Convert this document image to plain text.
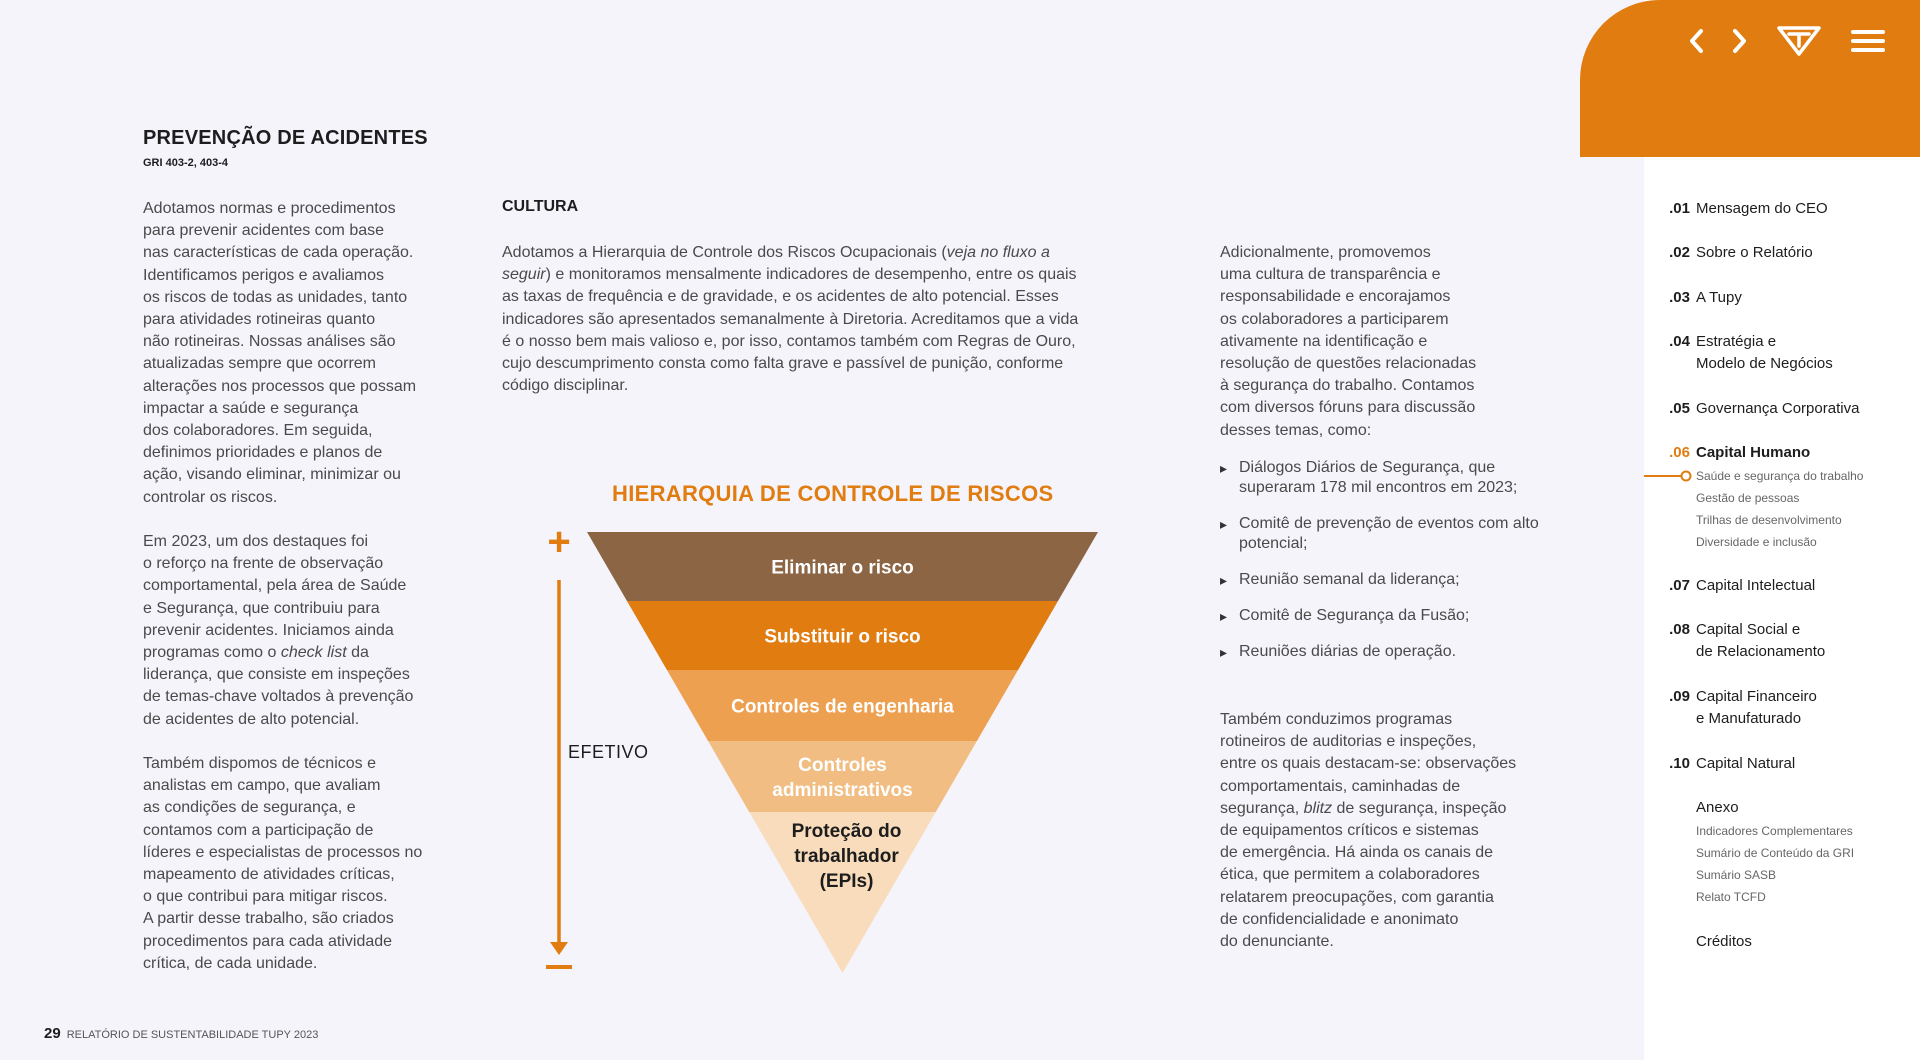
PREVENÇÃO DE ACIDENTES
GRI 403-2, 403-4
Adotamos normas e procedimentos
para prevenir acidentes com base
nas características de cada operação.
Identificamos perigos e avaliamos
os riscos de todas as unidades, tanto
para atividades rotineiras quanto
não rotineiras. Nossas análises são
atualizadas sempre que ocorrem
alterações nos processos que possam
impactar a saúde e segurança
dos colaboradores. Em seguida,
definimos prioridades e planos de
ação, visando eliminar, minimizar ou
controlar os riscos.
Em 2023, um dos destaques foi
o reforço na frente de observação
comportamental, pela área de Saúde
e Segurança, que contribuiu para
prevenir acidentes. Iniciamos ainda
programas como o check list da
liderança, que consiste em inspeções
de temas-chave voltados à prevenção
de acidentes de alto potencial.
Também dispomos de técnicos e
analistas em campo, que avaliam
as condições de segurança, e
contamos com a participação de
líderes e especialistas de processos no
mapeamento de atividades críticas,
o que contribui para mitigar riscos.
A partir desse trabalho, são criados
procedimentos para cada atividade
crítica, de cada unidade.
CULTURA
Adotamos a Hierarquia de Controle dos Riscos Ocupacionais (veja no fluxo a
seguir) e monitoramos mensalmente indicadores de desempenho, entre os quais
as taxas de frequência e de gravidade, e os acidentes de alto potencial. Esses
indicadores são apresentados semanalmente à Diretoria. Acreditamos que a vida
é o nosso bem mais valioso e, por isso, contamos também com Regras de Ouro,
cujo descumprimento consta como falta grave e passível de punição, conforme
código disciplinar.
HIERARQUIA DE CONTROLE DE RISCOS
+
Eliminar o risco
Substituir o risco
Controles de engenharia
Controles
administrativos
Proteção do
trabalhador
(EPIs)
EFETIVO
Adicionalmente, promovemos
uma cultura de transparência e
responsabilidade e encorajamos
os colaboradores a participarem
ativamente na identificação e
resolução de questões relacionadas
à segurança do trabalho. Contamos
com diversos fóruns para discussão
desses temas, como:
▸ Diálogos Diários de Segurança, que superaram 178 mil encontros em 2023;
▸ Comitê de prevenção de eventos com alto potencial;
▸ Reunião semanal da liderança;
▸ Comitê de Segurança da Fusão;
▸ Reuniões diárias de operação.
Também conduzimos programas
rotineiros de auditorias e inspeções,
entre os quais destacam-se: observações
comportamentais, caminhadas de
segurança, blitz de segurança, inspeção
de equipamentos críticos e sistemas
de emergência. Há ainda os canais de
ética, que permitem a colaboradores
relatarem preocupações, com garantia
de confidencialidade e anonimato
do denunciante.
29 RELATÓRIO DE SUSTENTABILIDADE TUPY 2023
.01 Mensagem do CEO
.02 Sobre o Relatório
.03 A Tupy
.04 Estratégia e
Modelo de Negócios
.05 Governança Corporativa
.06 Capital Humano
.07 Capital Intelectual
.08 Capital Social e
de Relacionamento
.09 Capital Financeiro
e Manufaturado
.10 Capital Natural
Saúde e segurança do trabalho
Gestão de pessoas
Trilhas de desenvolvimento
Diversidade e inclusão
Anexo
Indicadores Complementares
Sumário de Conteúdo da GRI
Sumário SASB
Relato TCFD
Créditos
